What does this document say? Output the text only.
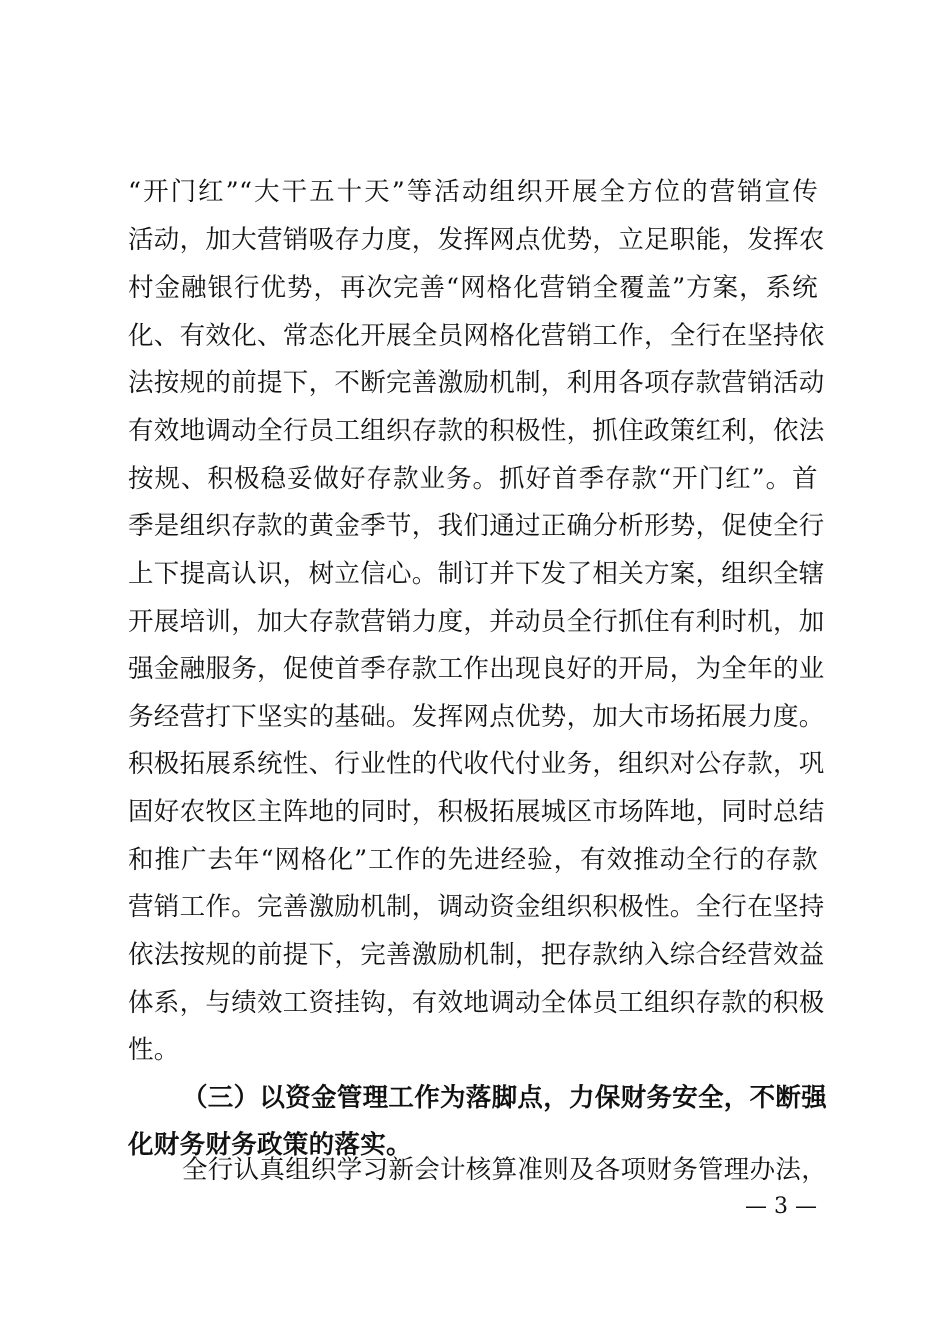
“开门红”“大干五十天”等活动组织开展全方位的营销宣传
活动，加大营销吸存力度，发挥网点优势，立足职能，发挥农
村金融银行优势，再次完善“网格化营销全覆盖”方案，系统
化、有效化、常态化开展全员网格化营销工作，全行在坚持依
法按规的前提下，不断完善激励机制，利用各项存款营销活动
有效地调动全行员工组织存款的积极性，抓住政策红利，依法
按规、积极稳妥做好存款业务。抓好首季存款“开门红”。首
季是组织存款的黄金季节，我们通过正确分析形势，促使全行
上下提高认识，树立信心。制订并下发了相关方案，组织全辖
开展培训，加大存款营销力度，并动员全行抓住有利时机，加
强金融服务，促使首季存款工作出现良好的开局，为全年的业
务经营打下坚实的基础。发挥网点优势，加大市场拓展力度。
积极拓展系统性、行业性的代收代付业务，组织对公存款，巩
固好农牧区主阵地的同时，积极拓展城区市场阵地，同时总结
和推广去年“网格化”工作的先进经验，有效推动全行的存款
营销工作。完善激励机制，调动资金组织积极性。全行在坚持
依法按规的前提下，完善激励机制，把存款纳入综合经营效益
体系，与绩效工资挂钩，有效地调动全体员工组织存款的积极
性。
（三）以资金管理工作为落脚点，力保财务安全，不断强
化财务财务政策的落实。
全行认真组织学习新会计核算准则及各项财务管理办法，
— 3 —
